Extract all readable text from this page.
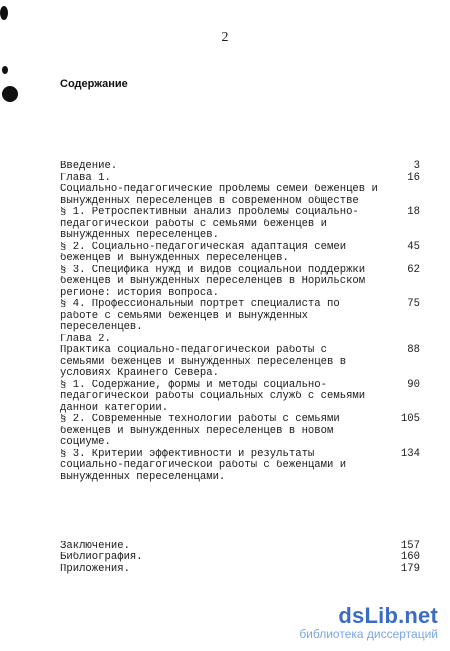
2
Содержание

Введение.	3
Глава 1.	16
Социально-педагогические проблемы семей беженцев и
вынужденных переселенцев в современном обществе
§ 1. Ретроспективный анализ проблемы социально-	18
педагогической работы с семьями беженцев и
вынужденных переселенцев.
§ 2. Социально-педагогическая адаптация семей	45
беженцев и вынужденных переселенцев.
§ 3. Специфика нужд и видов социальной поддержки	62
беженцев и вынужденных переселенцев в Норильском
регионе: история вопроса.
§ 4. Профессиональный портрет специалиста по	75
работе с семьями беженцев и вынужденных
переселенцев.
Глава 2.
Практика социально-педагогической работы с	88
семьями беженцев и вынужденных переселенцев в
условиях Крайнего Севера.
§ 1. Содержание, формы и методы социально-	90
педагогической работы социальных служб с семьями
данной категории.
§ 2. Современные технологии работы с семьями	105
беженцев и вынужденных переселенцев в новом
социуме.
§ 3. Критерии эффективности и результаты	134
социально-педагогической работы с беженцами и
вынужденных переселенцами.

Заключение.	157
Библиография.	160
Приложения.	179

dsLib.net
библиотека диссертаций
